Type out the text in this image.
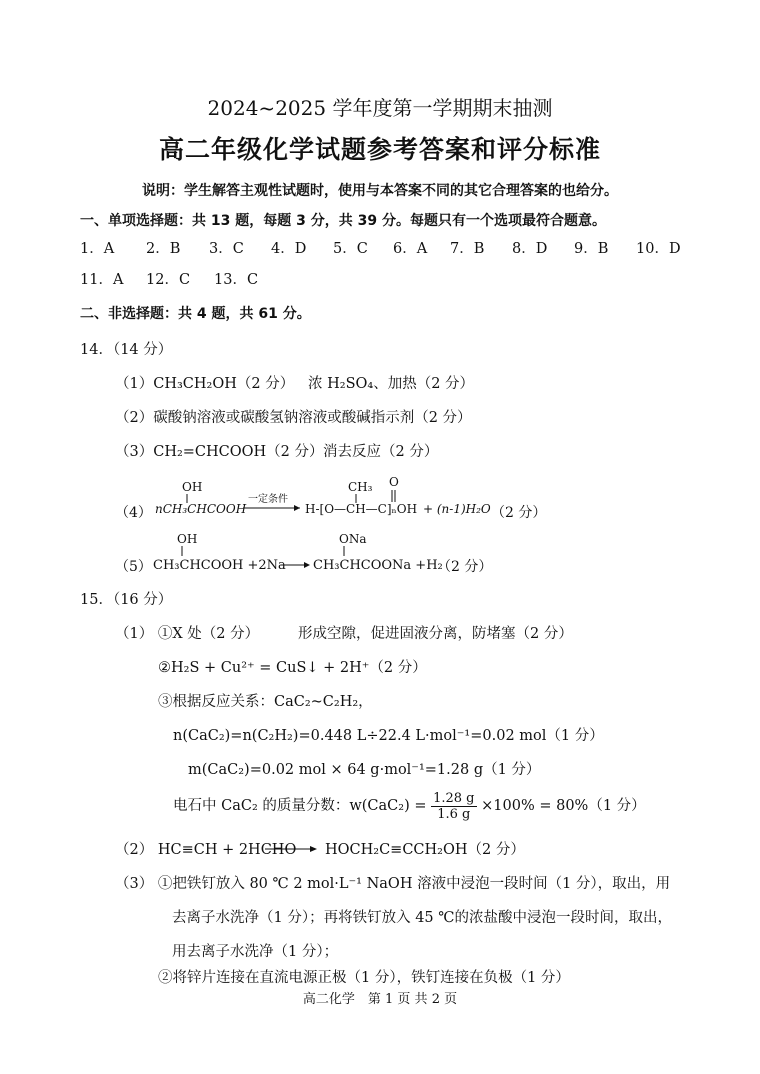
2024~2025 学年度第一学期期末抽测
高二年级化学试题参考答案和评分标准
说明：学生解答主观性试题时，使用与本答案不同的其它合理答案的也给分。
一、单项选择题：共 13 题，每题 3 分，共 39 分。每题只有一个选项最符合题意。
1．A 2．B 3．C 4．D 5．C 6．A 7．B 8．D 9．B 10．D
11．A 12．C 13．C
二、非选择题：共 4 题，共 61 分。
14．（14 分）
（1）CH₃CH₂OH（2 分） 浓 H₂SO₄、加热（2 分）
（2）碳酸钠溶液或碳酸氢钠溶液或酸碱指示剂（2 分）
（3）CH₂=CHCOOH（2 分） 消去反应（2 分）
（4）
OH
nCH₃CHCOOH
一定条件
CH₃ O
H-[O—CH—C]ₙOH + (n-1)H₂O （2 分）
（5）
OH
CH₃CHCOOH +2Na
ONa
CH₃CHCOONa +H₂
（2 分）
15．（16 分）
（1） ①X 处（2 分）	形成空隙，促进固液分离，防堵塞（2 分）
②H₂S + Cu²⁺ = CuS↓ + 2H⁺（2 分）
③根据反应关系：CaC₂~C₂H₂，
n(CaC₂)=n(C₂H₂)=0.448 L÷22.4 L·mol⁻¹=0.02 mol（1 分）
m(CaC₂)=0.02 mol × 64 g·mol⁻¹=1.28 g（1 分）
电石中 CaC₂ 的质量分数：$w(CaC_2) = \frac{1.28 g}{1.6 g} \times 100\% = 80\%(1$ 分）
（2） HC≡CH + 2HCHO → HOCH₂C≡CCH₂OH（2 分）
（3） ①把铁钉放入 80 ℃ 2 mol·L⁻¹ NaOH 溶液中浸泡一段时间（1 分），取出，用
去离子水洗净（1 分）；再将铁钉放入 45 ℃的浓盐酸中浸泡一段时间，取出，
用去离子水洗净（1 分）；
②将锌片连接在直流电源正极（1 分），铁钉连接在负极（1 分）
高二化学　第 1 页 共 2 页
